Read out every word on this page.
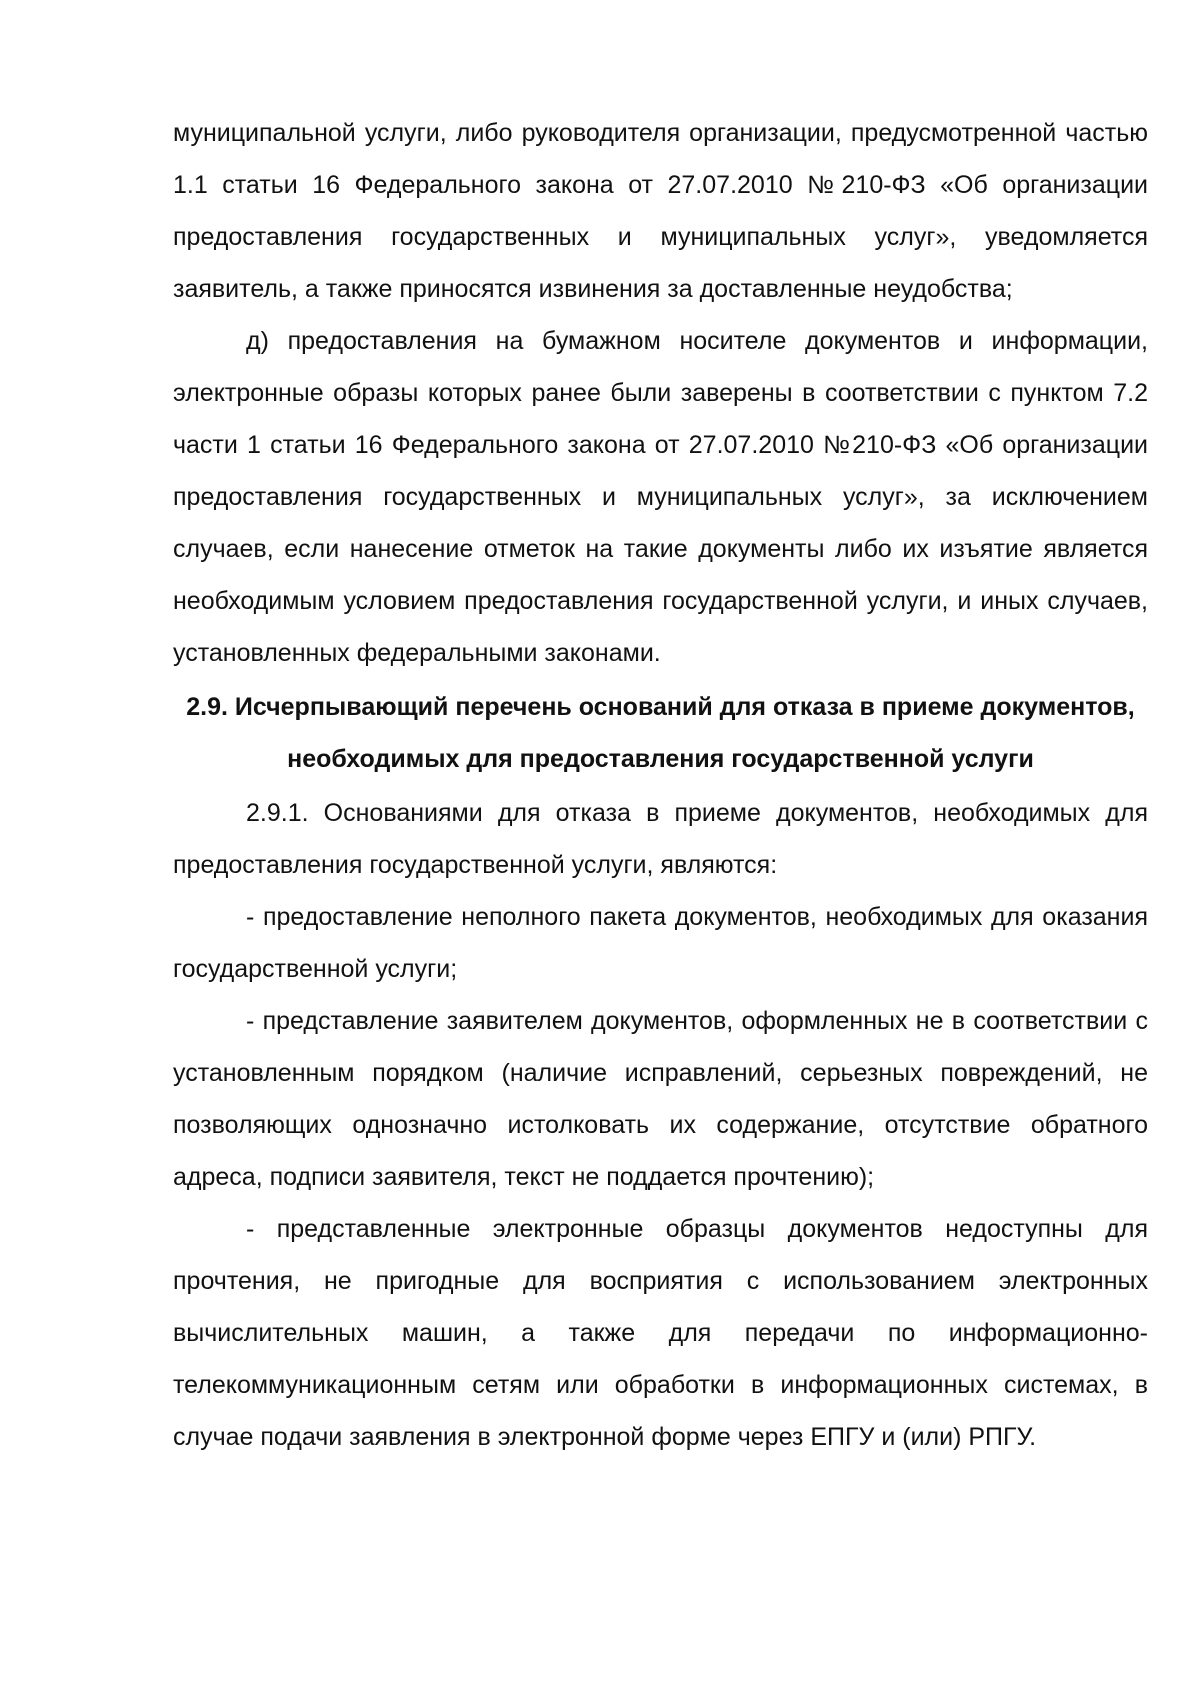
муниципальной услуги, либо руководителя организации, предусмотренной частью 1.1 статьи 16 Федерального закона от 27.07.2010 №210-ФЗ «Об организации предоставления государственных и муниципальных услуг», уведомляется заявитель, а также приносятся извинения за доставленные неудобства;

д) предоставления на бумажном носителе документов и информации, электронные образы которых ранее были заверены в соответствии с пунктом 7.2 части 1 статьи 16 Федерального закона от 27.07.2010 №210-ФЗ «Об организации предоставления государственных и муниципальных услуг», за исключением случаев, если нанесение отметок на такие документы либо их изъятие является необходимым условием предоставления государственной услуги, и иных случаев, установленных федеральными законами.

2.9. Исчерпывающий перечень оснований для отказа в приеме документов, необходимых для предоставления государственной услуги

2.9.1. Основаниями для отказа в приеме документов, необходимых для предоставления государственной услуги, являются:

- предоставление неполного пакета документов, необходимых для оказания государственной услуги;

- представление заявителем документов, оформленных не в соответствии с установленным порядком (наличие исправлений, серьезных повреждений, не позволяющих однозначно истолковать их содержание, отсутствие обратного адреса, подписи заявителя, текст не поддается прочтению);

- представленные электронные образцы документов недоступны для прочтения, не пригодные для восприятия с использованием электронных вычислительных машин, а также для передачи по информационно-телекоммуникационным сетям или обработки в информационных системах, в случае подачи заявления в электронной форме через ЕПГУ и (или) РПГУ.
